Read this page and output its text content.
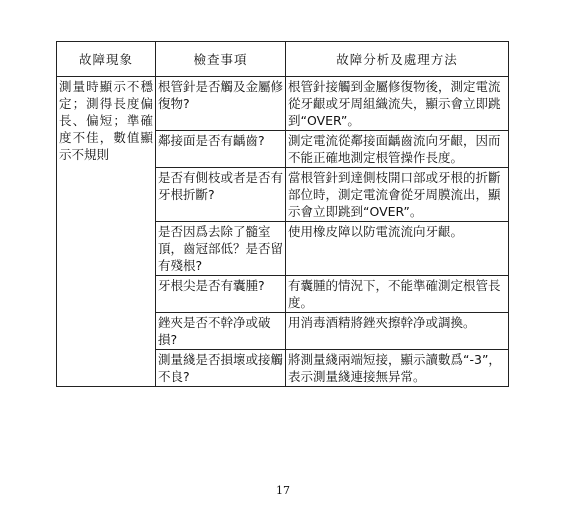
故障現象	檢查事項	故障分析及處理方法
測量時顯示不穩定；測得長度偏長、偏短；準確度不佳，數值顯示不規則	根管針是否觸及金屬修復物?	根管針接觸到金屬修復物後，測定電流從牙齦或牙周組織流失，顯示會立即跳到“OVER”。
	鄰接面是否有齲齒?	測定電流從鄰接面齲齒流向牙齦，因而不能正確地測定根管操作長度。
	是否有側枝或者是否有牙根折斷?	當根管針到達側枝開口部或牙根的折斷部位時，測定電流會從牙周膜流出，顯示會立即跳到“OVER”。
	是否因爲去除了髓室頂，齒冠部低？是否留有殘根?	使用橡皮障以防電流流向牙齦。
	牙根尖是否有囊腫?	有囊腫的情況下，不能準確測定根管長度。
	銼夾是否不幹净或破損?	用消毒酒精將銼夾擦幹净或調換。
	測量綫是否損壞或接觸不良?	將測量綫兩端短接，顯示讀數爲“-3”，表示測量綫連接無异常。
17
